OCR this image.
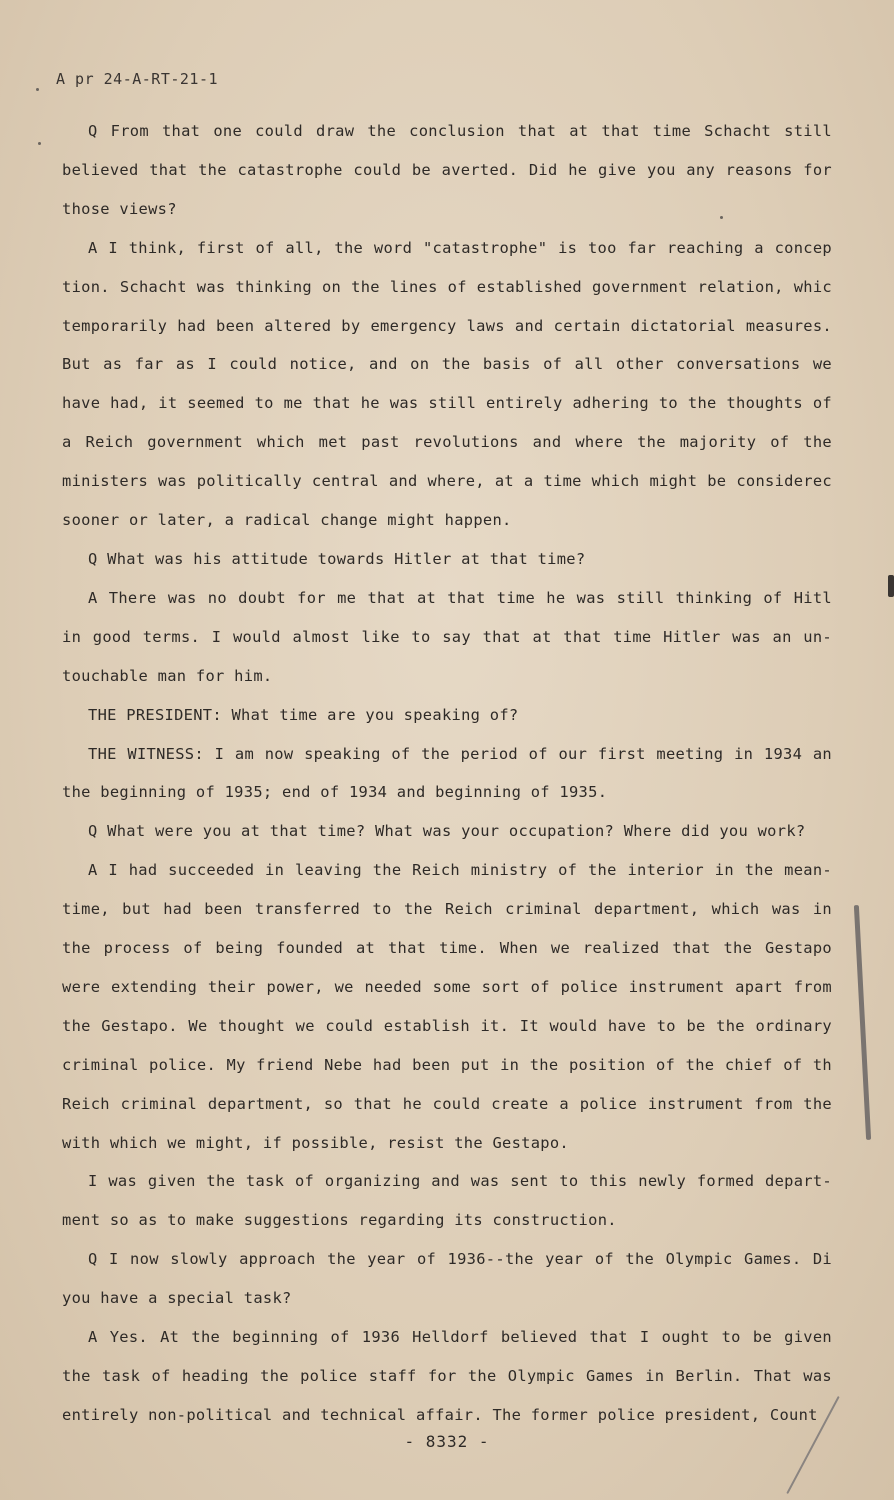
A pr 24-A-RT-21-1

Q From that one could draw the conclusion that at that time Schacht still believed that the catastrophe could be averted. Did he give you any reasons for those views?

A I think, first of all, the word "catastrophe" is too far reaching a concep tion. Schacht was thinking on the lines of established government relation, whic temporarily had been altered by emergency laws and certain dictatorial measures. But as far as I could notice, and on the basis of all other conversations we have had, it seemed to me that he was still entirely adhering to the thoughts of a Reich government which met past revolutions and where the majority of the ministers was politically central and where, at a time which might be considerec sooner or later, a radical change might happen.

Q What was his attitude towards Hitler at that time?

A There was no doubt for me that at that time he was still thinking of Hitl in good terms. I would almost like to say that at that time Hitler was an un- touchable man for him.

THE PRESIDENT: What time are you speaking of?

THE WITNESS: I am now speaking of the period of our first meeting in 1934 an the beginning of 1935; end of 1934 and beginning of 1935.

Q What were you at that time? What was your occupation? Where did you work?

A I had succeeded in leaving the Reich ministry of the interior in the mean- time, but had been transferred to the Reich criminal department, which was in the process of being founded at that time. When we realized that the Gestapo were extending their power, we needed some sort of police instrument apart from the Gestapo. We thought we could establish it. It would have to be the ordinary criminal police. My friend Nebe had been put in the position of the chief of th Reich criminal department, so that he could create a police instrument from the with which we might, if possible, resist the Gestapo.

I was given the task of organizing and was sent to this newly formed depart- ment so as to make suggestions regarding its construction.

Q I now slowly approach the year of 1936--the year of the Olympic Games. Di you have a special task?

A Yes. At the beginning of 1936 Helldorf believed that I ought to be given the task of heading the police staff for the Olympic Games in Berlin. That was entirely non-political and technical affair. The former police president, Count

- 8332 -
